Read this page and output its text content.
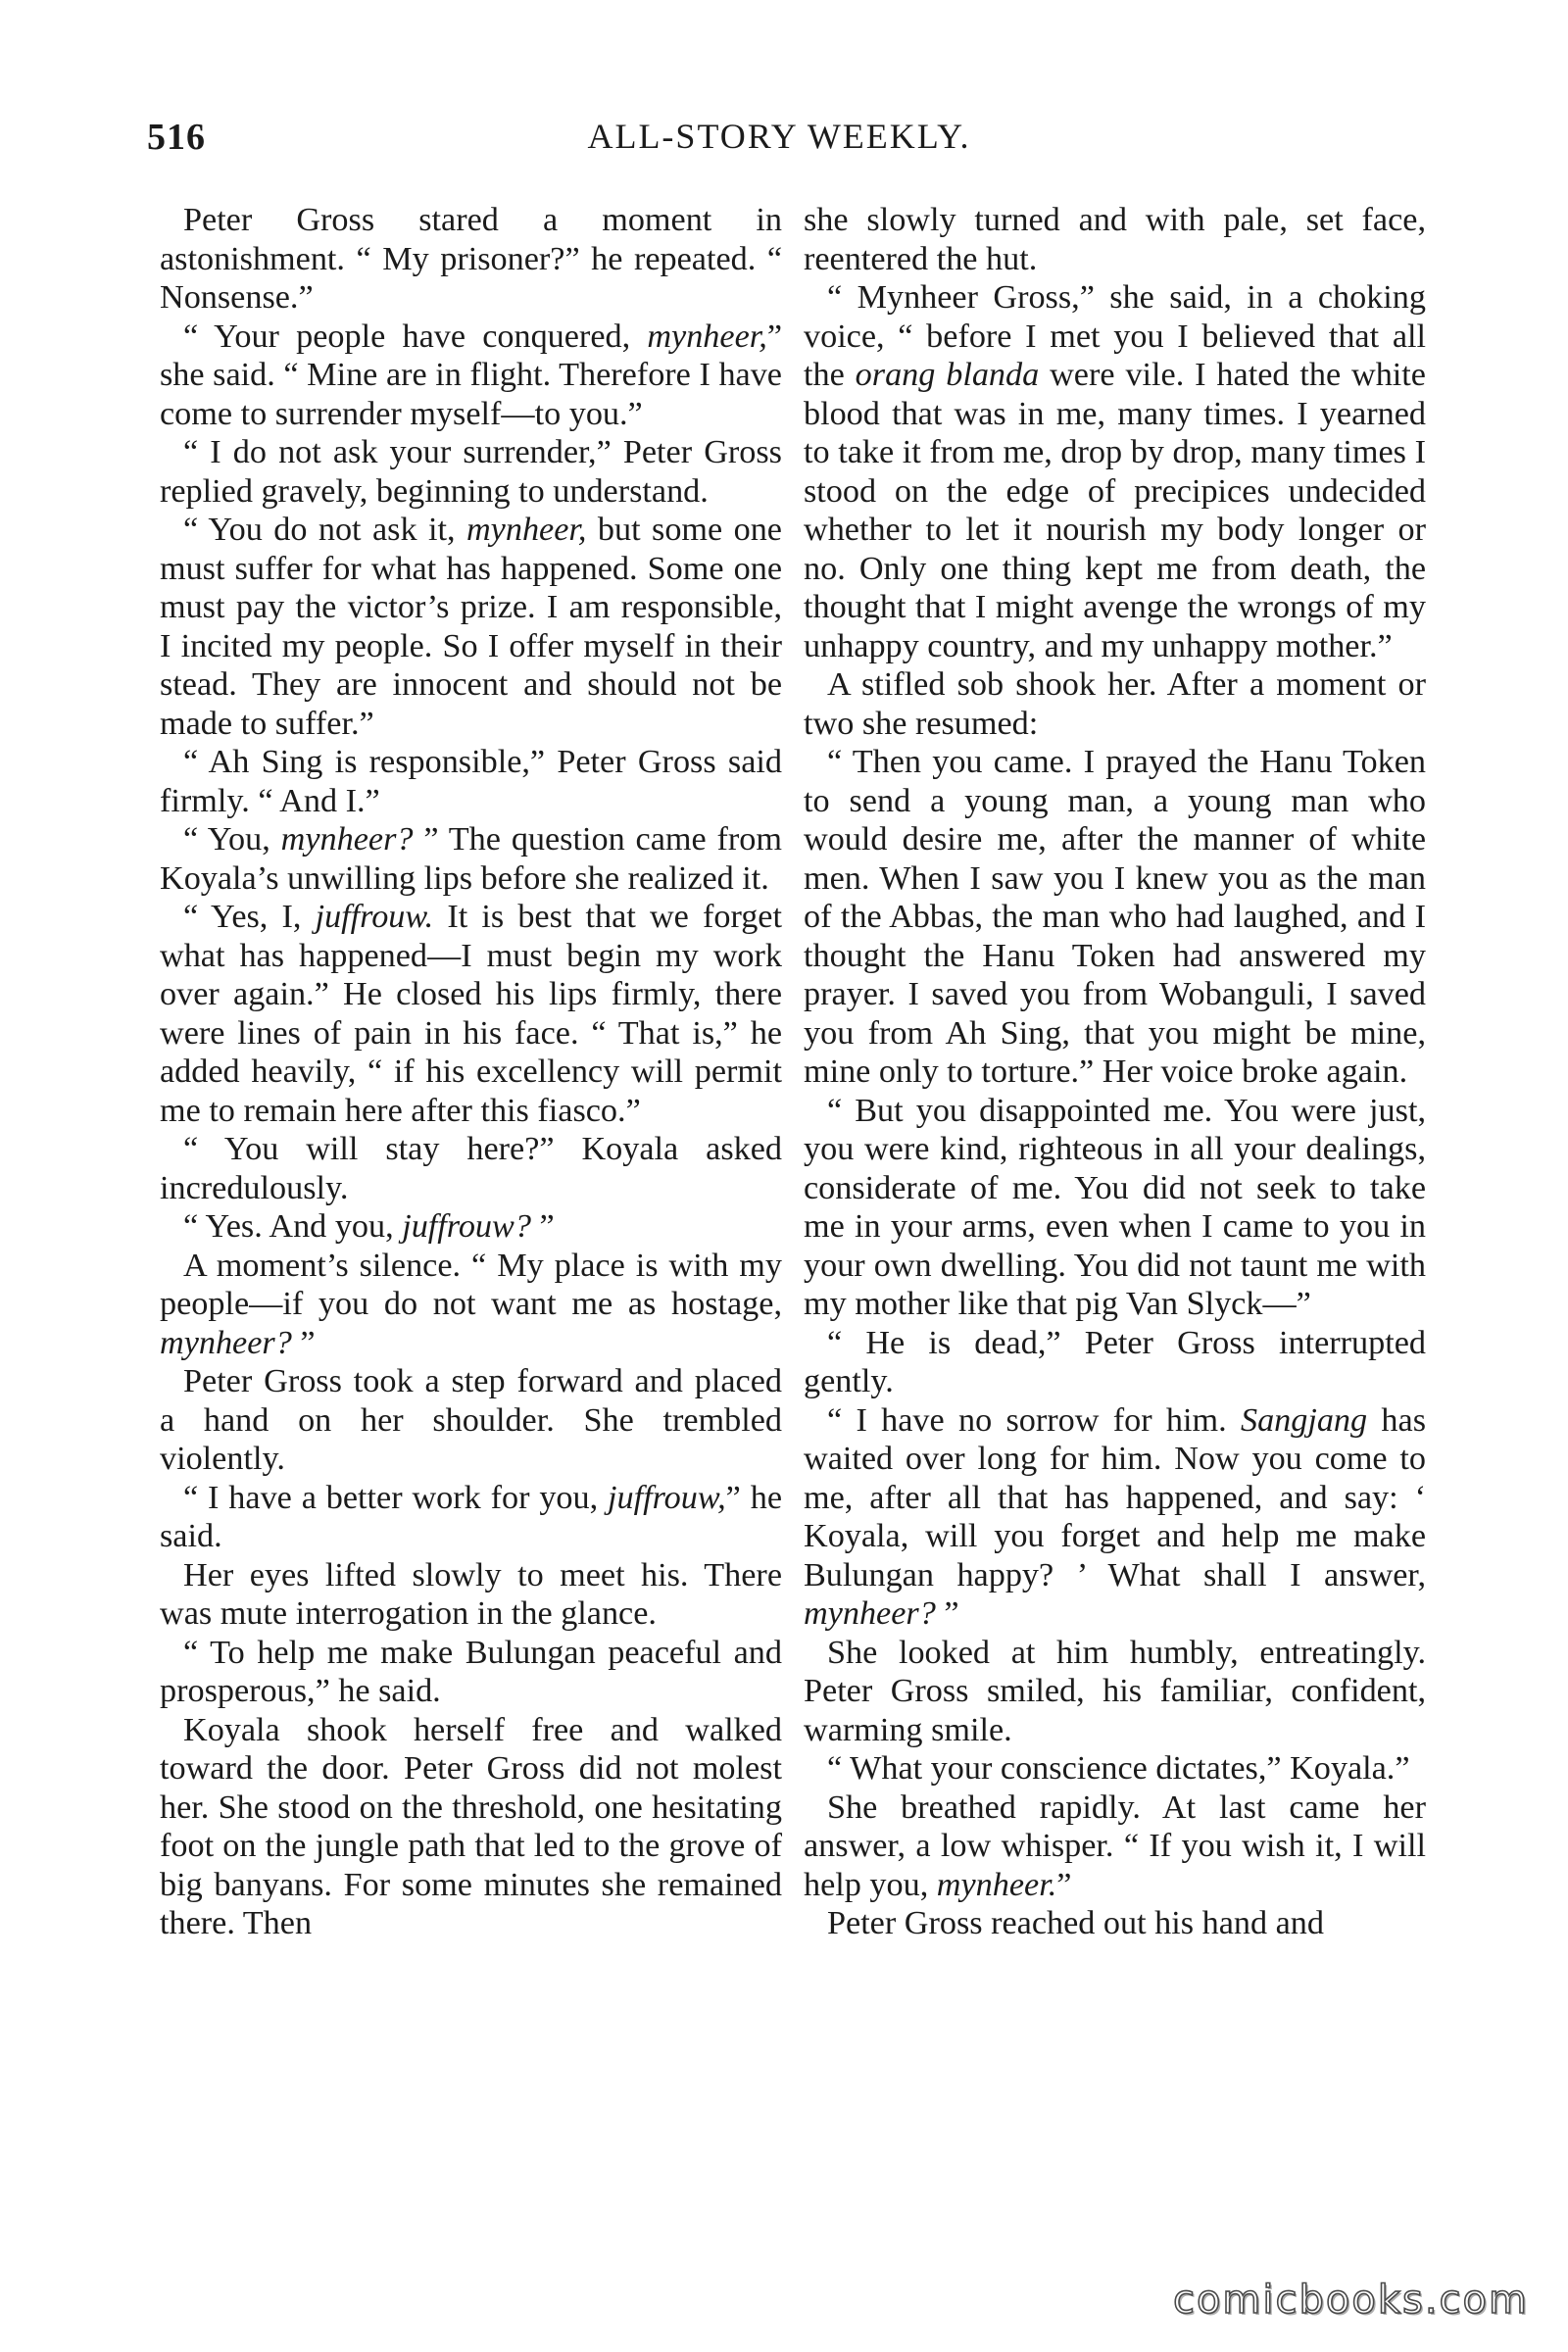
516	ALL-STORY WEEKLY.

Peter Gross stared a moment in astonishment. “ My prisoner?” he repeated. “ Nonsense.”

“ Your people have conquered, mynheer,” she said. “ Mine are in flight. Therefore I have come to surrender myself—to you.”

“ I do not ask your surrender,” Peter Gross replied gravely, beginning to understand.

“ You do not ask it, mynheer, but some one must suffer for what has happened. Some one must pay the victor’s prize. I am responsible, I incited my people. So I offer myself in their stead. They are innocent and should not be made to suffer.”

“ Ah Sing is responsible,” Peter Gross said firmly. “ And I.”

“ You, mynheer? ” The question came from Koyala’s unwilling lips before she realized it.

“ Yes, I, juffrouw. It is best that we forget what has happened—I must begin my work over again.” He closed his lips firmly, there were lines of pain in his face. “ That is,” he added heavily, “ if his excellency will permit me to remain here after this fiasco.”

“ You will stay here?” Koyala asked incredulously.

“ Yes. And you, juffrouw? ”

A moment’s silence. “ My place is with my people—if you do not want me as hostage, mynheer? ”

Peter Gross took a step forward and placed a hand on her shoulder. She trembled violently.

“ I have a better work for you, juffrouw,” he said.

Her eyes lifted slowly to meet his. There was mute interrogation in the glance.

“ To help me make Bulungan peaceful and prosperous,” he said.

Koyala shook herself free and walked toward the door. Peter Gross did not molest her. She stood on the threshold, one hesitating foot on the jungle path that led to the grove of big banyans. For some minutes she remained there. Then

she slowly turned and with pale, set face, reentered the hut.

“ Mynheer Gross,” she said, in a choking voice, “ before I met you I believed that all the orang blanda were vile. I hated the white blood that was in me, many times. I yearned to take it from me, drop by drop, many times I stood on the edge of precipices undecided whether to let it nourish my body longer or no. Only one thing kept me from death, the thought that I might avenge the wrongs of my unhappy country, and my unhappy mother.”

A stifled sob shook her. After a moment or two she resumed:

“ Then you came. I prayed the Hanu Token to send a young man, a young man who would desire me, after the manner of white men. When I saw you I knew you as the man of the Abbas, the man who had laughed, and I thought the Hanu Token had answered my prayer. I saved you from Wobanguli, I saved you from Ah Sing, that you might be mine, mine only to torture.” Her voice broke again.

“ But you disappointed me. You were just, you were kind, righteous in all your dealings, considerate of me. You did not seek to take me in your arms, even when I came to you in your own dwelling. You did not taunt me with my mother like that pig Van Slyck—”

“ He is dead,” Peter Gross interrupted gently.

“ I have no sorrow for him. Sangjang has waited over long for him. Now you come to me, after all that has happened, and say: ‘ Koyala, will you forget and help me make Bulungan happy? ’ What shall I answer, mynheer? ”

She looked at him humbly, entreatingly. Peter Gross smiled, his familiar, confident, warming smile.

“ What your conscience dictates,” Koyala.”

She breathed rapidly. At last came her answer, a low whisper. “ If you wish it, I will help you, mynheer.”

Peter Gross reached out his hand and

comicbooks.com
